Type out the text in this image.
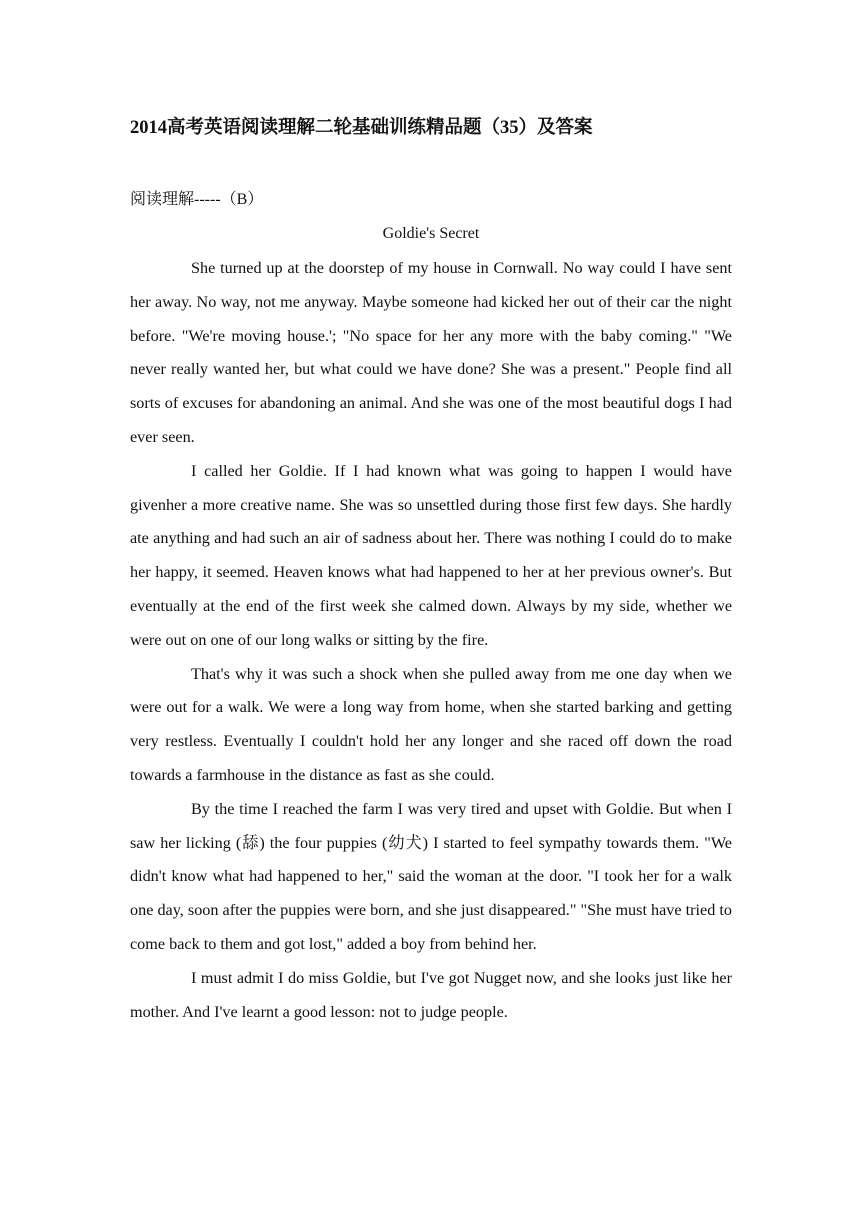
2014高考英语阅读理解二轮基础训练精品题（35）及答案
阅读理解-----（B）
Goldie's Secret

She turned up at the doorstep of my house in Cornwall. No way could I have sent her away. No way, not me anyway. Maybe someone had kicked her out of their car the night before. "We're moving house.'; "No space for her any more with the baby coming." "We never really wanted her, but what could we have done? She was a present." People find all sorts of excuses for abandoning an animal. And she was one of the most beautiful dogs I had ever seen.

I called her Goldie. If I had known what was going to happen I would have givenher a more creative name. She was so unsettled during those first few days. She hardly ate anything and had such an air of sadness about her. There was nothing I could do to make her happy, it seemed. Heaven knows what had happened to her at her previous owner's. But eventually at the end of the first week she calmed down. Always by my side, whether we were out on one of our long walks or sitting by the fire.

That's why it was such a shock when she pulled away from me one day when we were out for a walk. We were a long way from home, when she started barking and getting very restless. Eventually I couldn't hold her any longer and she raced off down the road towards a farmhouse in the distance as fast as she could.

By the time I reached the farm I was very tired and upset with Goldie. But when I saw her licking (舔) the four puppies (幼犬) I started to feel sympathy towards them. "We didn't know what had happened to her," said the woman at the door. "I took her for a walk one day, soon after the puppies were born, and she just disappeared." "She must have tried to come back to them and got lost," added a boy from behind her.

I must admit I do miss Goldie, but I've got Nugget now, and she looks just like her mother. And I've learnt a good lesson: not to judge people.
